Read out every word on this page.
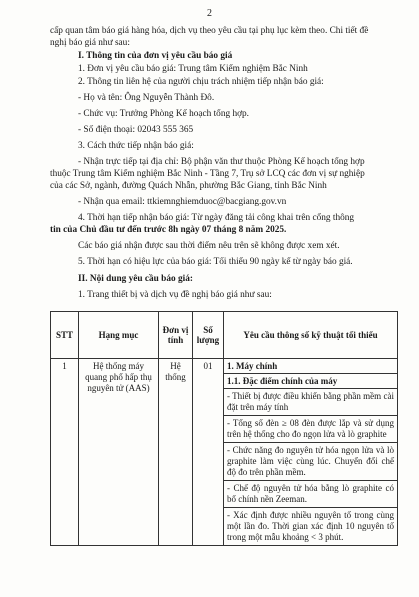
2
cấp quan tâm báo giá hàng hóa, dịch vụ theo yêu cầu tại phụ lục kèm theo. Chi tiết đề
nghị báo giá như sau:
I. Thông tin của đơn vị yêu cầu báo giá
1. Đơn vị yêu cầu báo giá: Trung tâm Kiểm nghiệm Bắc Ninh
2. Thông tin liên hệ của người chịu trách nhiệm tiếp nhận báo giá:
- Họ và tên: Ông Nguyễn Thành Đô.
- Chức vụ: Trưởng Phòng Kế hoạch tổng hợp.
- Số điện thoại: 02043 555 365
3. Cách thức tiếp nhận báo giá:
- Nhận trực tiếp tại địa chỉ: Bộ phận văn thư thuộc Phòng Kế hoạch tổng hợp
thuộc Trung tâm Kiểm nghiệm Bắc Ninh - Tầng 7, Trụ sở LCQ các đơn vị sự nghiệp
của các Sở, ngành, đường Quách Nhẫn, phường Bắc Giang, tỉnh Bắc Ninh
- Nhận qua email: ttkiemnghiemduoc@bacgiang.gov.vn
4. Thời hạn tiếp nhận báo giá: Từ ngày đăng tải công khai trên cổng thông
tin của Chủ đầu tư đến trước 8h ngày 07 tháng 8 năm 2025.
Các báo giá nhận được sau thời điểm nêu trên sẽ không được xem xét.
5. Thời hạn có hiệu lực của báo giá: Tối thiểu 90 ngày kể từ ngày báo giá.
II. Nội dung yêu cầu báo giá:
1. Trang thiết bị và dịch vụ đề nghị báo giá như sau:
STT	Hạng mục	Đơn vị tính	Số lượng	Yêu cầu thông số kỹ thuật tối thiểu
1	Hệ thống máy quang phổ hấp thụ nguyên tử (AAS)	Hệ thống	01	1. Máy chính
				1.1. Đặc điểm chính của máy
				- Thiết bị được điều khiển bằng phần mềm cài đặt trên máy tính
				- Tổng số đèn ≥ 08 đèn được lắp và sử dụng trên hệ thống cho đo ngọn lửa và lò graphite
				- Chức năng đo nguyên tử hóa ngọn lửa và lò graphite làm việc cùng lúc. Chuyển đổi chế độ đo trên phần mềm.
				- Chế độ nguyên tử hóa bằng lò graphite có bổ chính nền Zeeman.
				- Xác định được nhiều nguyên tố trong cùng một lần đo. Thời gian xác định 10 nguyên tố trong một mẫu khoảng < 3 phút.
